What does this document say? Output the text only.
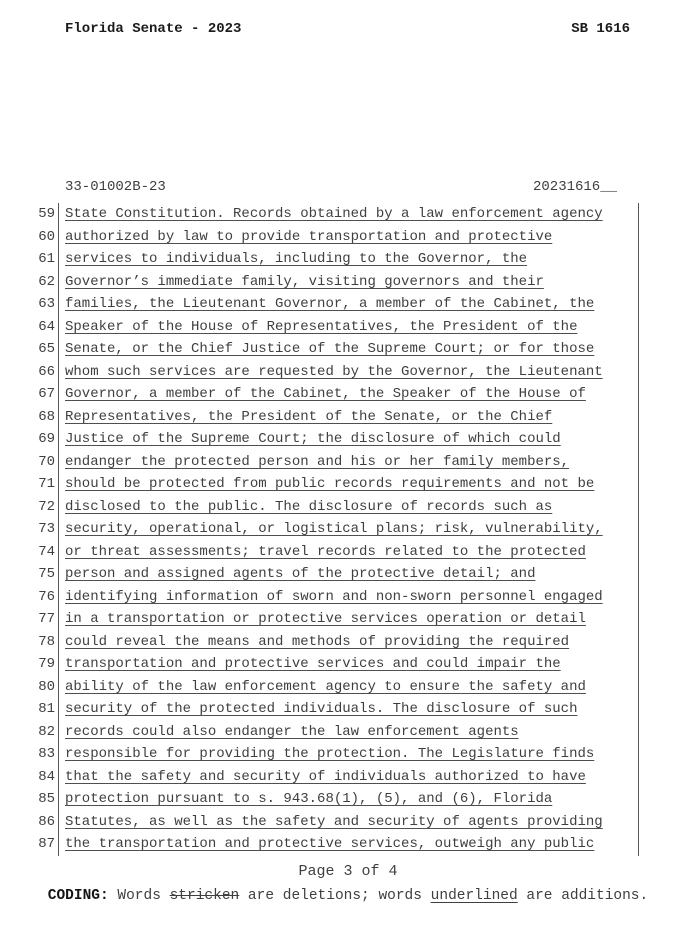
Florida Senate - 2023	SB 1616
33-01002B-23	20231616__
59 State Constitution. Records obtained by a law enforcement agency
60 authorized by law to provide transportation and protective
61 services to individuals, including to the Governor, the
62 Governor’s immediate family, visiting governors and their
63 families, the Lieutenant Governor, a member of the Cabinet, the
64 Speaker of the House of Representatives, the President of the
65 Senate, or the Chief Justice of the Supreme Court; or for those
66 whom such services are requested by the Governor, the Lieutenant
67 Governor, a member of the Cabinet, the Speaker of the House of
68 Representatives, the President of the Senate, or the Chief
69 Justice of the Supreme Court; the disclosure of which could
70 endanger the protected person and his or her family members,
71 should be protected from public records requirements and not be
72 disclosed to the public. The disclosure of records such as
73 security, operational, or logistical plans; risk, vulnerability,
74 or threat assessments; travel records related to the protected
75 person and assigned agents of the protective detail; and
76 identifying information of sworn and non-sworn personnel engaged
77 in a transportation or protective services operation or detail
78 could reveal the means and methods of providing the required
79 transportation and protective services and could impair the
80 ability of the law enforcement agency to ensure the safety and
81 security of the protected individuals. The disclosure of such
82 records could also endanger the law enforcement agents
83 responsible for providing the protection. The Legislature finds
84 that the safety and security of individuals authorized to have
85 protection pursuant to s. 943.68(1), (5), and (6), Florida
86 Statutes, as well as the safety and security of agents providing
87 the transportation and protective services, outweigh any public
Page 3 of 4
CODING: Words stricken are deletions; words underlined are additions.
